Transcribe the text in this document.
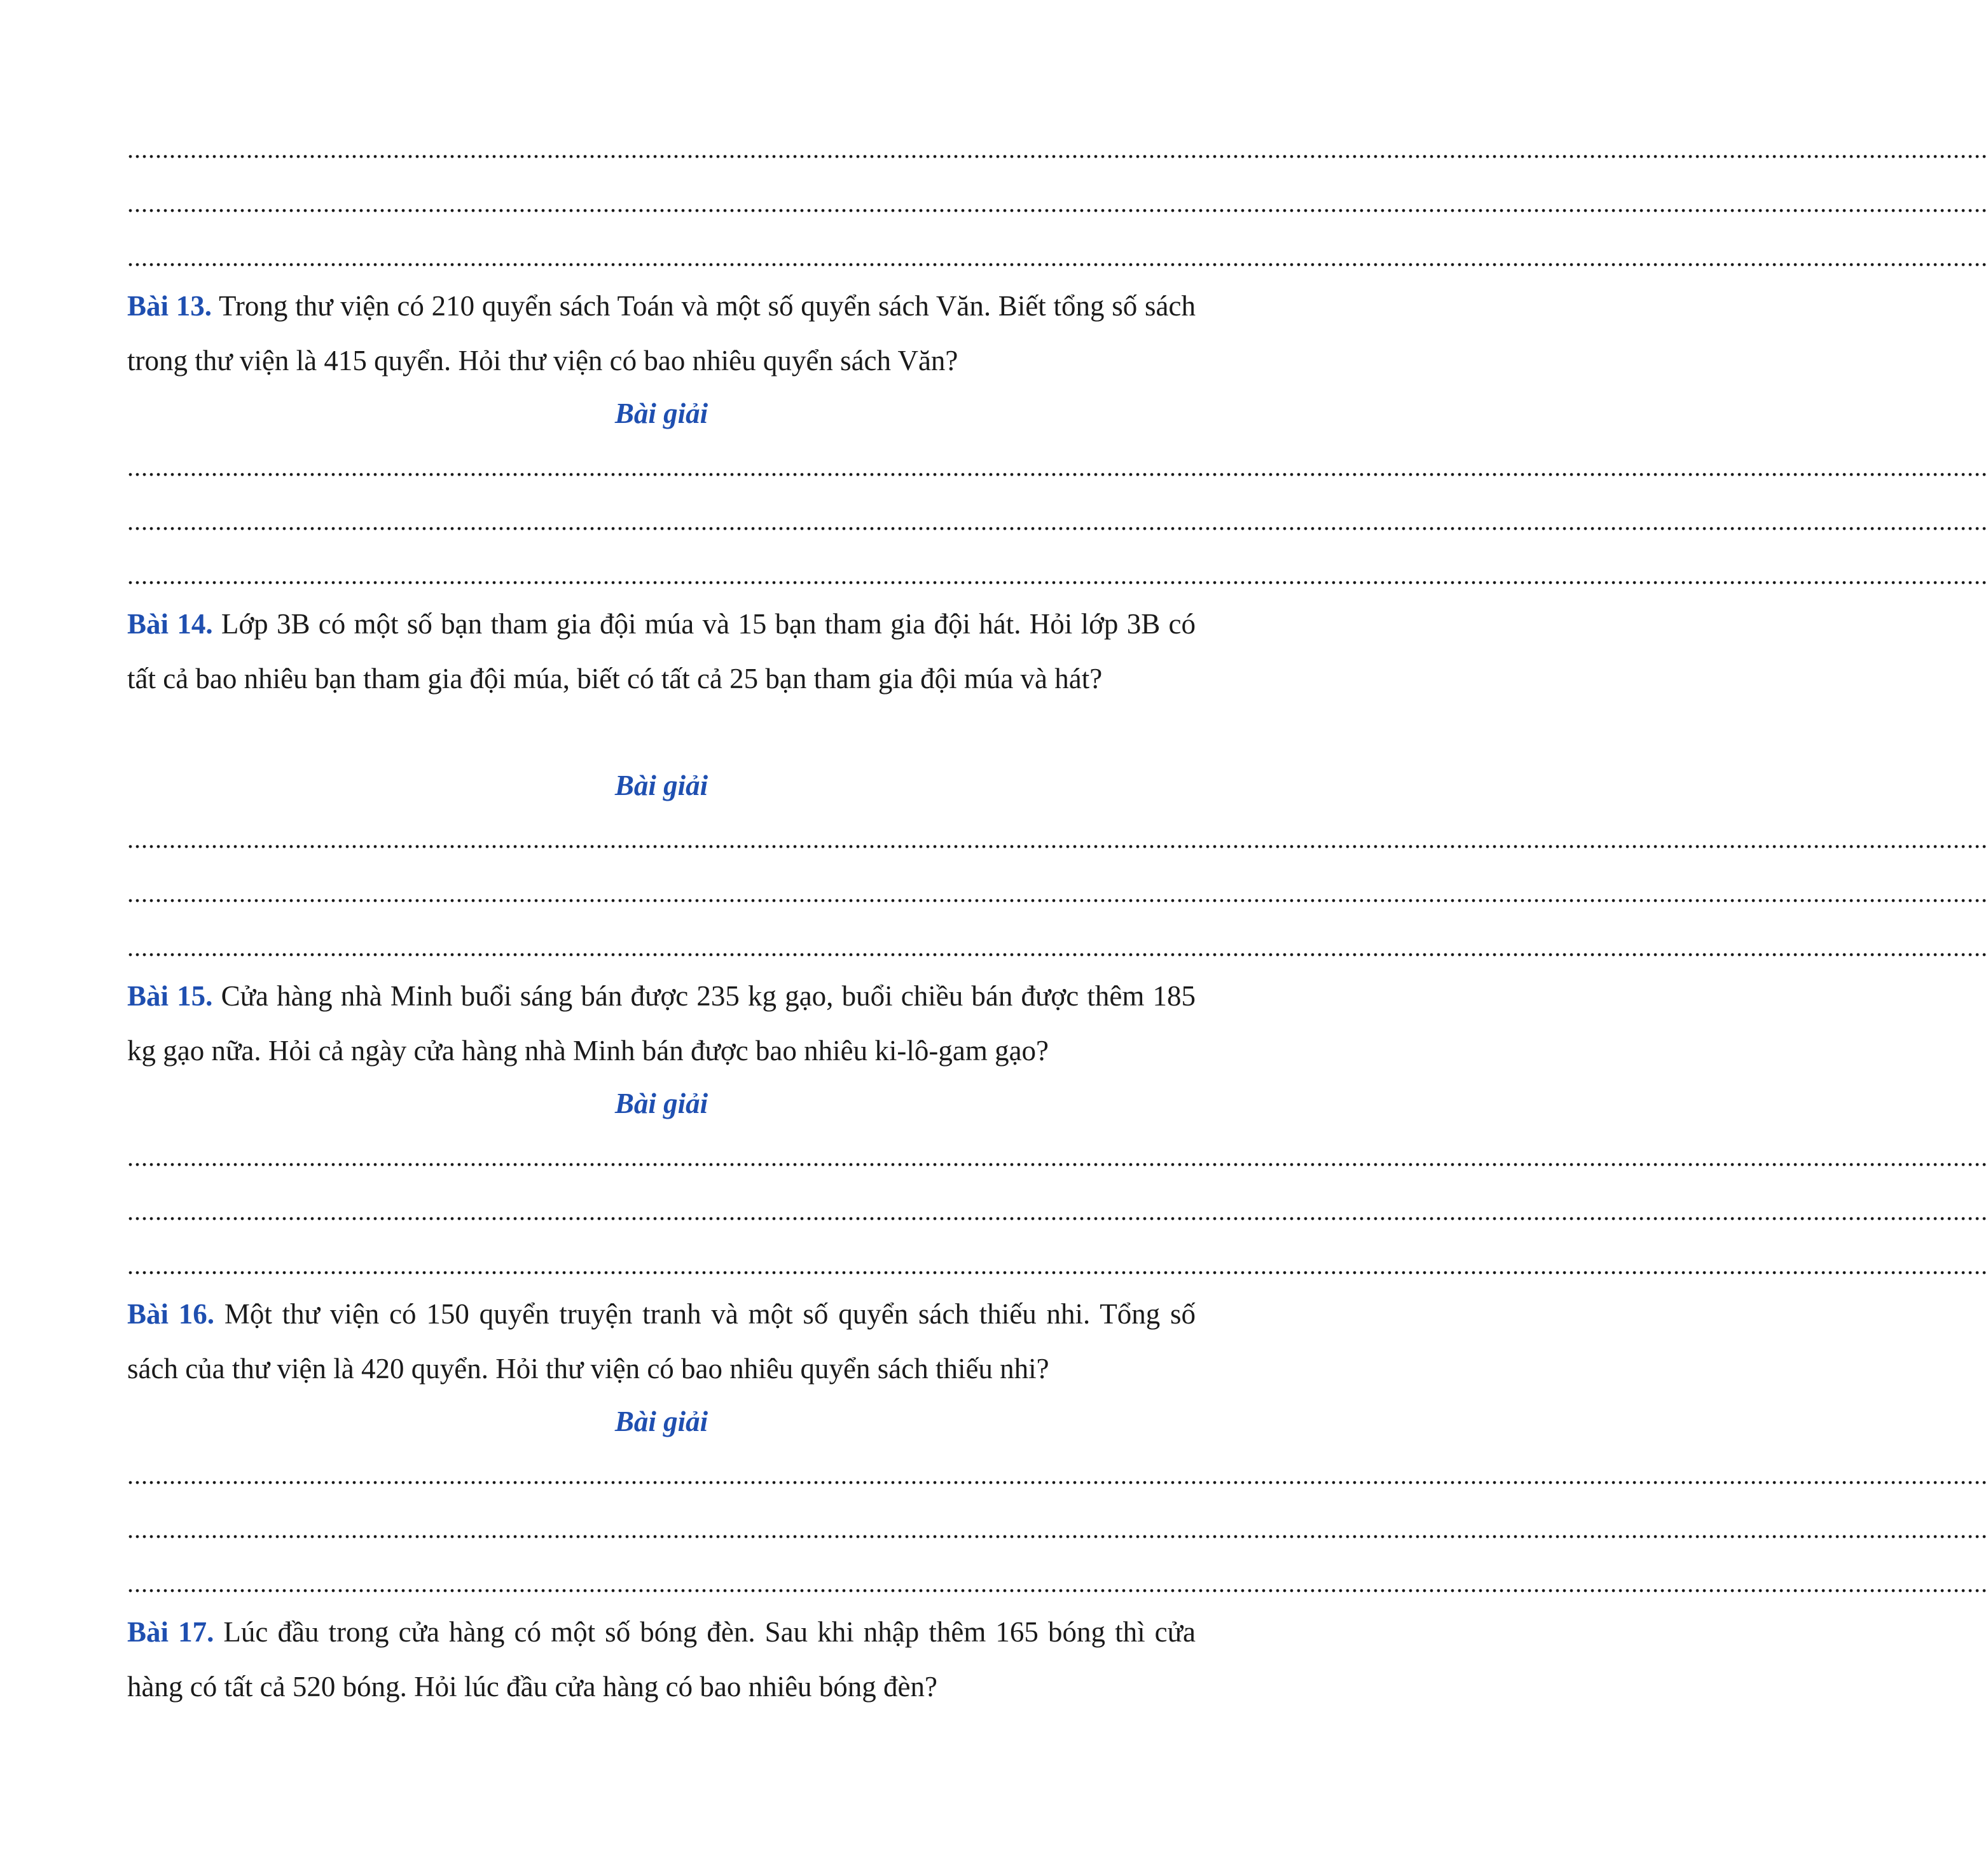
..........................................................................................................................................................................................................................................................................
..........................................................................................................................................................................................................................................................................
..........................................................................................................................................................................................................................................................................
Bài 13. Trong thư viện có 210 quyển sách Toán và một số quyển sách Văn. Biết tổng số sách trong thư viện là 415 quyển. Hỏi thư viện có bao nhiêu quyển sách Văn?
Bài giải
..........................................................................................................................................................................................................................................................................
..........................................................................................................................................................................................................................................................................
..........................................................................................................................................................................................................................................................................
Bài 14. Lớp 3B có một số bạn tham gia đội múa và 15 bạn tham gia đội hát. Hỏi lớp 3B có tất cả bao nhiêu bạn tham gia đội múa, biết có tất cả 25 bạn tham gia đội múa và hát?
Bài giải
..........................................................................................................................................................................................................................................................................
..........................................................................................................................................................................................................................................................................
..........................................................................................................................................................................................................................................................................
Bài 15. Cửa hàng nhà Minh buổi sáng bán được 235 kg gạo, buổi chiều bán được thêm 185 kg gạo nữa. Hỏi cả ngày cửa hàng nhà Minh bán được bao nhiêu ki-lô-gam gạo?
Bài giải
..........................................................................................................................................................................................................................................................................
..........................................................................................................................................................................................................................................................................
..........................................................................................................................................................................................................................................................................
Bài 16. Một thư viện có 150 quyển truyện tranh và một số quyển sách thiếu nhi. Tổng số sách của thư viện là 420 quyển. Hỏi thư viện có bao nhiêu quyển sách thiếu nhi?
Bài giải
..........................................................................................................................................................................................................................................................................
..........................................................................................................................................................................................................................................................................
..........................................................................................................................................................................................................................................................................
Bài 17. Lúc đầu trong cửa hàng có một số bóng đèn. Sau khi nhập thêm 165 bóng thì cửa hàng có tất cả 520 bóng. Hỏi lúc đầu cửa hàng có bao nhiêu bóng đèn?
